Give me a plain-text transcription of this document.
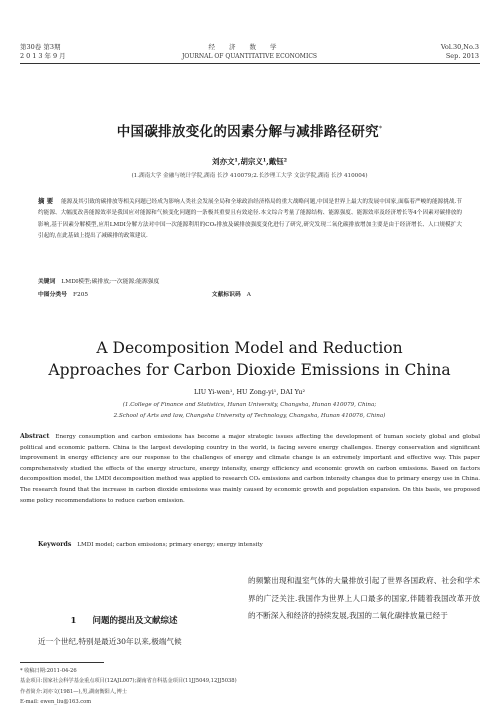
第30卷 第3期
2013年9月
经济数学
JOURNAL OF QUANTITATIVE ECONOMICS
Vol.30,No.3
Sep. 2013
中国碳排放变化的因素分解与减排路径研究*
刘亦文¹,胡宗义¹,戴钰²
(1.湖南大学 金融与统计学院,湖南 长沙 410079;2.长沙理工大学 文法学院,湖南 长沙 410004)
摘 要 能源及其引致的碳排放等相关问题已经成为影响人类社会发展全局和全球政治经济格局的重大战略问题,中国是世界上最大的发展中国家,面临着严峻的能源挑战.节约能源、大幅度改善能源效率是我国应对能源和气候变化问题的一条极其重要且有效途径.本文综合考量了能源结构、能源强度、能源效率及经济增长等4个因素对碳排放的影响,基于因素分解模型,应用LMDI分解方法对中国一次能源利用的CO₂排放及碳排放强度变化进行了研究,研究发现二氧化碳排放增加主要是由于经济增长、人口规模扩大引起的,在此基础上提出了减碳排的政策建议.
关键词 LMDI模型;碳排放;一次能源;能源强度
中图分类号 F205	文献标识码 A
A Decomposition Model and Reduction
Approaches for Carbon Dioxide Emissions in China
LIU Yi-wen¹, HU Zong-yi¹, DAI Yu²
(1.College of Finance and Statistics, Hunan University, Changsha, Hunan 410079, China;
2.School of Arts and law, Changsha University of Technology, Changsha, Hunan 410076, China)
Abstract Energy consumption and carbon emissions has become a major strategic issues affecting the development of human society global and global political and economic pattern. China is the largest developing country in the world, is facing severe energy challenges. Energy conservation and significant improvement in energy efficiency are our response to the challenges of energy and climate change is an extremely important and effective way. This paper comprehensively studied the effects of the energy structure, energy intensity, energy efficiency and economic growth on carbon emissions. Based on factors decomposition model, the LMDI decomposition method was applied to research CO₂ emissions and carbon intensity changes due to primary energy use in China. The research found that the increase in carbon dioxide emissions was mainly caused by economic growth and population expansion. On this basis, we proposed some policy recommendations to reduce carbon emission.
Keywords LMDI model; carbon emissions; primary energy; energy intensity
1 问题的提出及文献综述
近一个世纪,特别是最近30年以来,极端气候
的频繁出现和温室气体的大量排放引起了世界各国政府、社会和学术界的广泛关注.我国作为世界上人口最多的国家,伴随着我国改革开放的不断深入和经济的持续发展,我国的二氧化碳排放量已经于
* 收稿日期:2011-04-26
基金项目:国家社会科学基金重点项目(12AJL007);湖南省自科基金项目(11JJ5049,12JJ5038)
作者简介:刘亦文(1981—),男,湖南衡阳人,博士
E-mail: ewen_liu@163.com
